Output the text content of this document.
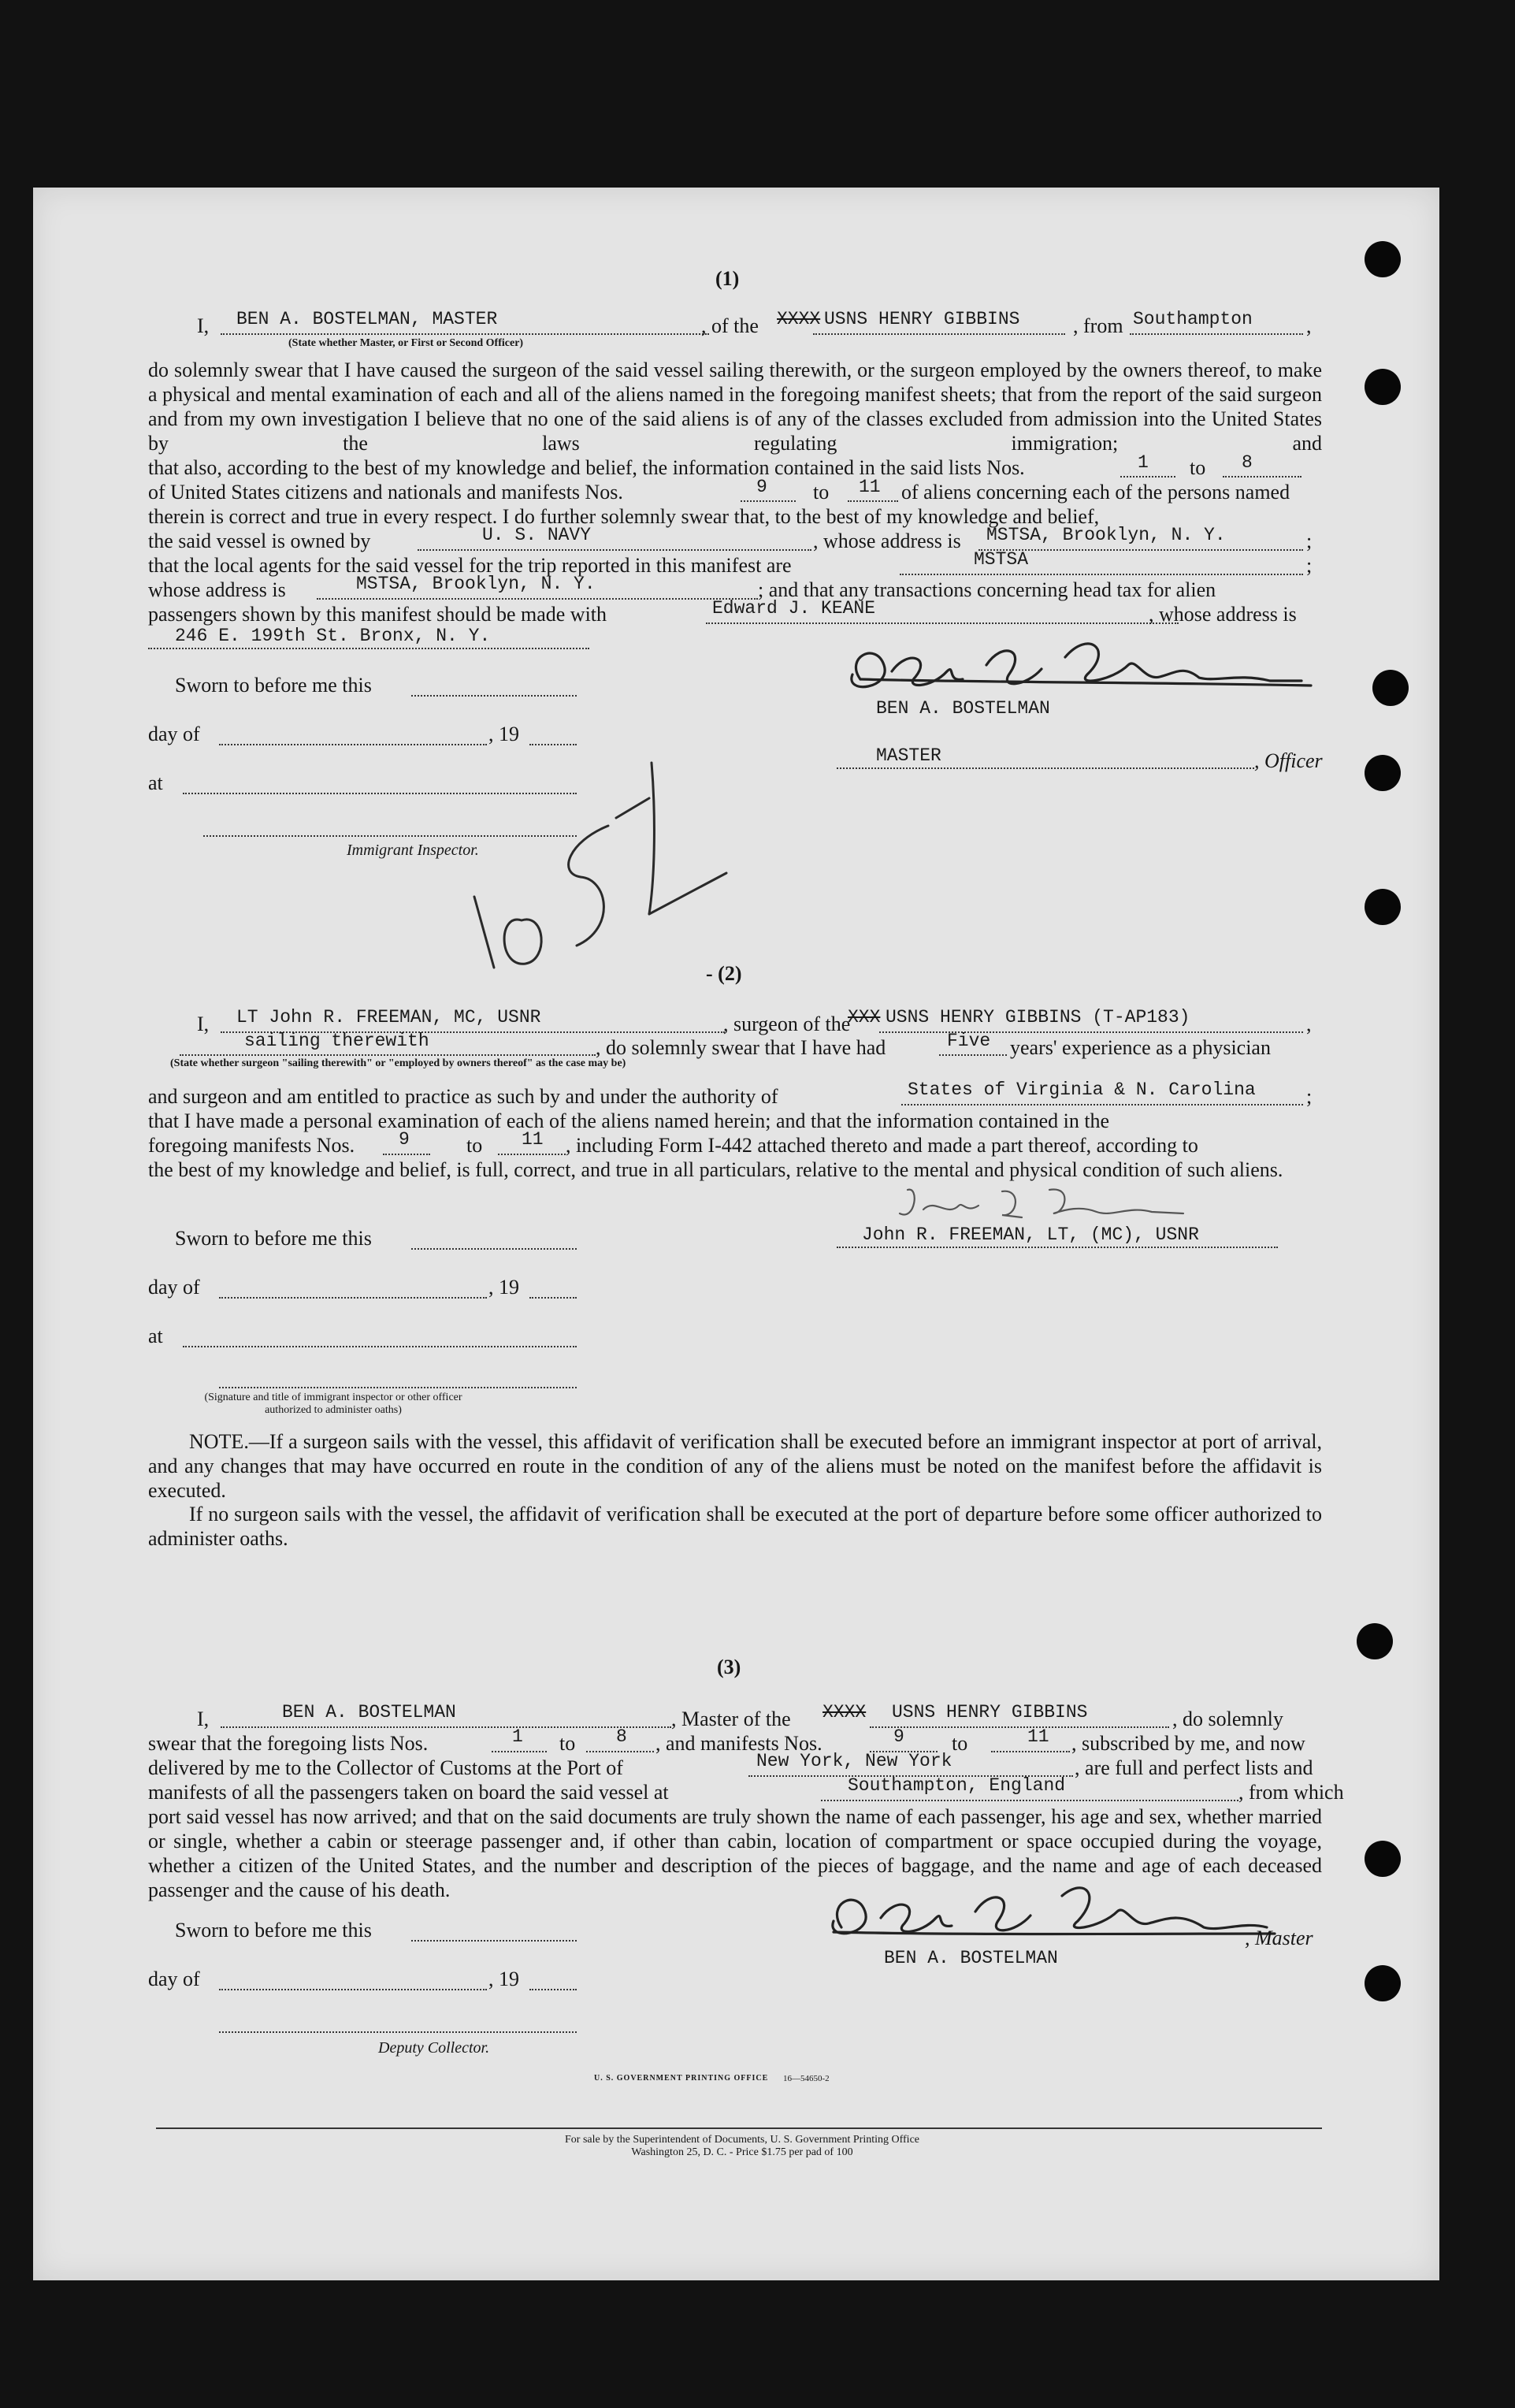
(1)
I, BEN A. BOSTELMAN, MASTER
(State whether Master, or First or Second Officer)
, of the XXXX USNS HENRY GIBBINS	, from Southampton	,
do solemnly swear that I have caused the surgeon of the said vessel sailing therewith, or the surgeon employed by the owners thereof, to make a physical and mental examination of each and all of the aliens named in the foregoing manifest sheets; that from the report of the said surgeon and from my own investigation I believe that no one of the said aliens is of any of the classes excluded from admission into the United States by the laws regulating immigration; and
that also, according to the best of my knowledge and belief, the information contained in the said lists Nos.	1 to 8
of United States citizens and nationals and manifests Nos.	9 to 11 of aliens concerning each of the persons named
therein is correct and true in every respect. I do further solemnly swear that, to the best of my knowledge and belief,
the said vessel is owned by	U. S. NAVY	, whose address is MSTSA, Brooklyn, N. Y.	;
that the local agents for the said vessel for the trip reported in this manifest are	MSTSA	;
whose address is	MSTSA, Brooklyn, N. Y.	; and that any transactions concerning head tax for alien
passengers shown by this manifest should be made with	Edward J. KEANE	, whose address is
246 E. 199th St. Bronx, N. Y.
Sworn to before me this
day of	, 19
at
Immigrant Inspector.
BEN A. BOSTELMAN
MASTER	, Officer
- (2)
I, LT John R. FREEMAN, MC, USNR	, surgeon of the
XXX USNS HENRY GIBBINS (T-AP183)	,
sailing therewith
(State whether surgeon "sailing therewith" or "employed by owners thereof" as the case may be)
, do solemnly swear that I have had	Five years' experience as a physician
and surgeon and am entitled to practice as such by and under the authority of	States of Virginia & N. Carolina ;
that I have made a personal examination of each of the aliens named herein; and that the information contained in the
foregoing manifests Nos. 9	to 11 , including Form I-442 attached thereto and made a part thereof, according to
the best of my knowledge and belief, is full, correct, and true in all particulars, relative to the mental and physical condition of such aliens.
Sworn to before me this
day of	, 19
at
(Signature and title of immigrant inspector or other officer authorized to administer oaths)
John R. FREEMAN, LT, (MC), USNR
NOTE.—If a surgeon sails with the vessel, this affidavit of verification shall be executed before an immigrant inspector at port of arrival, and any changes that may have occurred en route in the condition of any of the aliens must be noted on the manifest before the affidavit is executed.
If no surgeon sails with the vessel, the affidavit of verification shall be executed at the port of departure before some officer authorized to administer oaths.
(3)
I,	BEN A. BOSTELMAN	, Master of the XXXX USNS HENRY GIBBINS	, do solemnly
swear that the foregoing lists Nos.	1 to 8 , and manifests Nos.	9 to	11 , subscribed by me, and now
delivered by me to the Collector of Customs at the Port of	New York, New York	, are full and perfect lists and
manifests of all the passengers taken on board the said vessel at	Southampton, England	, from which
port said vessel has now arrived; and that on the said documents are truly shown the name of each passenger, his age and sex, whether married or single, whether a cabin or steerage passenger and, if other than cabin, location of compartment or space occupied during the voyage, whether a citizen of the United States, and the number and description of the pieces of baggage, and the name and age of each deceased passenger and the cause of his death.
Sworn to before me this	, Master
BEN A. BOSTELMAN
day of	, 19
Deputy Collector.
U. S. GOVERNMENT PRINTING OFFICE 16—54650-2
For sale by the Superintendent of Documents, U. S. Government Printing Office
Washington 25, D. C. - Price $1.75 per pad of 100
